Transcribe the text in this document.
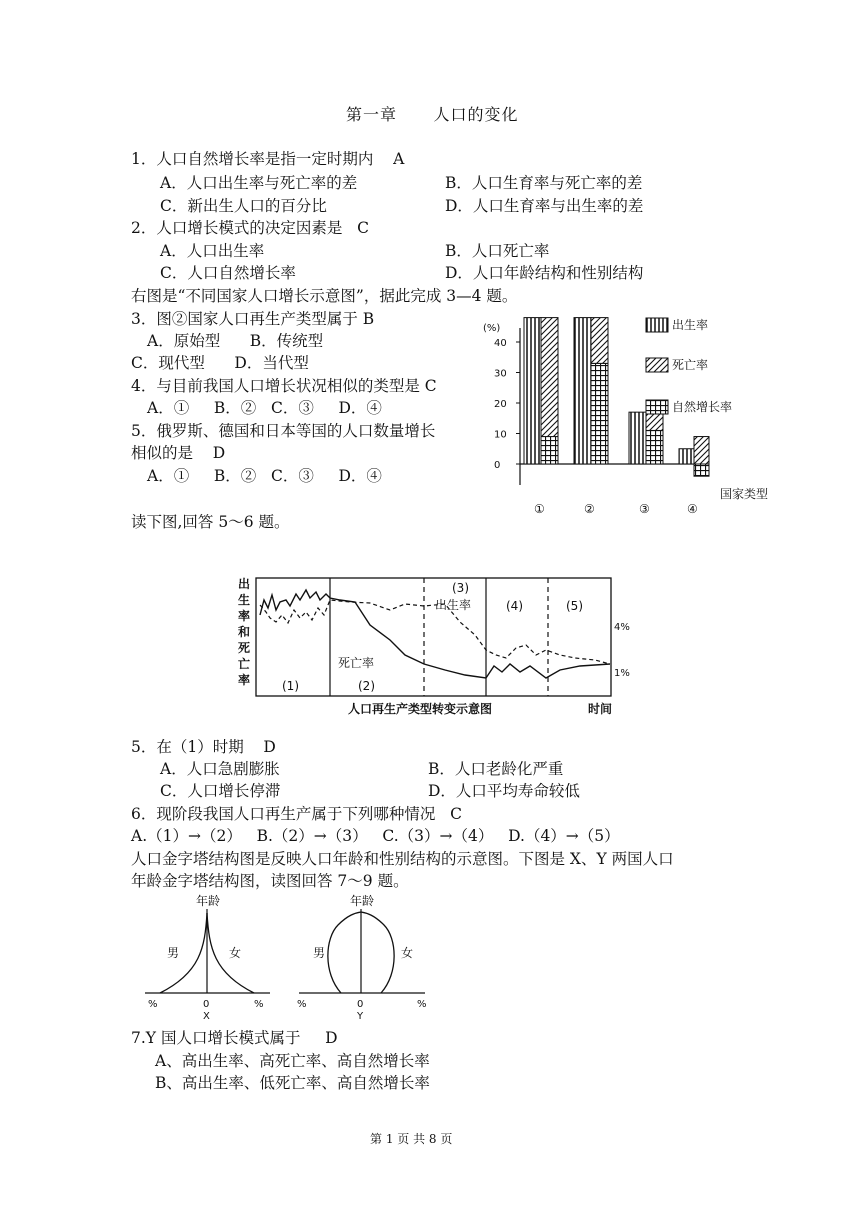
第一章      人口的变化
1．人口自然增长率是指一定时期内    A
A．人口出生率与死亡率的差	B．人口生育率与死亡率的差
C．新出生人口的百分比	D．人口生育率与出生率的差
2．人口增长模式的决定因素是   C
A．人口出生率	B．人口死亡率
C．人口自然增长率	D．人口年龄结构和性别结构
右图是“不同国家人口增长示意图”，据此完成 3—4 题。
3．图②国家人口再生产类型属于 B
A．原始型      B．传统型
C．现代型      D．当代型
4．与目前我国人口增长状况相似的类型是 C
A．①     B．②   C．③     D．④
5．俄罗斯、德国和日本等国的人口数量增长
相似的是    D
A．①     B．②   C．③     D．④
(%)
40
30
20
10
0
①	②	③	④
国家类型
出生率
死亡率
自然增长率
读下图,回答 5～6 题。
出
生
率
和
死
亡
率	(1)	(2)
(3)
(4)	(5)
出生率
死亡率
4%
1%
人口再生产类型转变示意图	时间
5．在（1）时期    D
A．人口急剧膨胀	B．人口老龄化严重
C．人口增长停滞	D．人口平均寿命较低
6．现阶段我国人口再生产属于下列哪种情况   C
A.（1）→（2）   B.（2）→（3）   C.（3）→（4）   D.（4）→（5）
人口金字塔结构图是反映人口年龄和性别结构的示意图。下图是 X、Y 两国人口
年龄金字塔结构图，读图回答 7～9 题。
年龄
男	女
%	0	%
X
年龄
男	女
%	0	%
Y
7.Y 国人口增长模式属于     D
A、高出生率、高死亡率、高自然增长率
B、高出生率、低死亡率、高自然增长率
第 1 页 共 8 页
